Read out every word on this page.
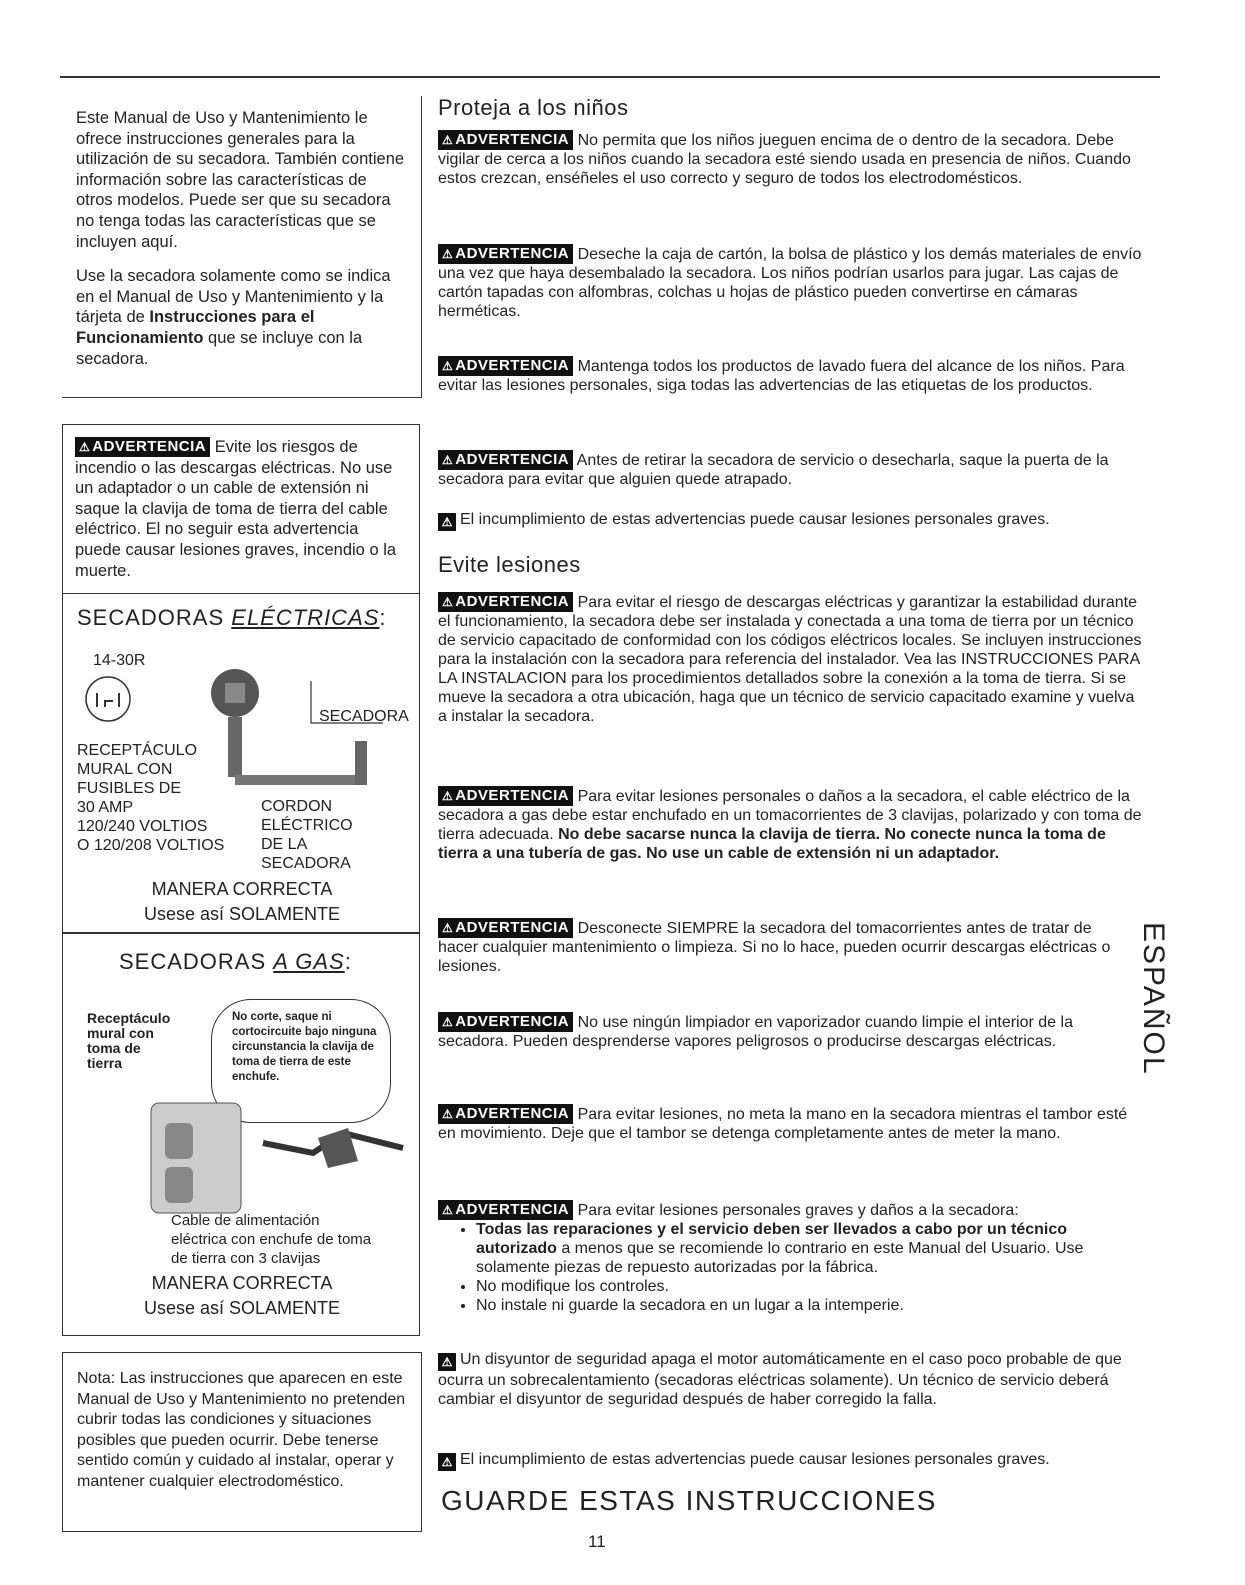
Este Manual de Uso y Mantenimiento le ofrece instrucciones generales para la utilización de su secadora. También contiene información sobre las características de otros modelos. Puede ser que su secadora no tenga todas las características que se incluyen aquí.

Use la secadora solamente como se indica en el Manual de Uso y Mantenimiento y la tárjeta de Instrucciones para el Funcionamiento que se incluye con la secadora.

⚠ ADVERTENCIA Evite los riesgos de incendio o las descargas eléctricas. No use un adaptador o un cable de extensión ni saque la clavija de toma de tierra del cable eléctrico. El no seguir esta advertencia puede causar lesiones graves, incendio o la muerte.

SECADORAS ELÉCTRICAS:
14-30R
SECADORA
RECEPTÁCULO
MURAL CON
FUSIBLES DE
30 AMP
120/240 VOLTIOS
O 120/208 VOLTIOS
CORDON
ELÉCTRICO
DE LA
SECADORA
MANERA CORRECTA
Usese así SOLAMENTE
SECADORAS A GAS:
Receptáculo
mural con
toma de
tierra
No corte, saque ni cortocircuite bajo ninguna circunstancia la clavija de toma de tierra de este enchufe.
Cable de alimentación
eléctrica con enchufe de toma
de tierra con 3 clavijas
MANERA CORRECTA
Usese así SOLAMENTE

Nota: Las instrucciones que aparecen en este Manual de Uso y Mantenimiento no pretenden cubrir todas las condiciones y situaciones posibles que pueden ocurrir. Debe tenerse sentido común y cuidado al instalar, operar y mantener cualquier electrodoméstico.

Proteja a los niños

⚠ ADVERTENCIA No permita que los niños jueguen encima de o dentro de la secadora. Debe vigilar de cerca a los niños cuando la secadora esté siendo usada en presencia de niños. Cuando estos crezcan, enséñeles el uso correcto y seguro de todos los electrodomésticos.

⚠ ADVERTENCIA Deseche la caja de cartón, la bolsa de plástico y los demás materiales de envío una vez que haya desembalado la secadora. Los niños podrían usarlos para jugar. Las cajas de cartón tapadas con alfombras, colchas u hojas de plástico pueden convertirse en cámaras herméticas.

⚠ ADVERTENCIA Mantenga todos los productos de lavado fuera del alcance de los niños. Para evitar las lesiones personales, siga todas las advertencias de las etiquetas de los productos.

⚠ ADVERTENCIA Antes de retirar la secadora de servicio o desecharla, saque la puerta de la secadora para evitar que alguien quede atrapado.

⚠ El incumplimiento de estas advertencias puede causar lesiones personales graves.

Evite lesiones

⚠ ADVERTENCIA Para evitar el riesgo de descargas eléctricas y garantizar la estabilidad durante el funcionamiento, la secadora debe ser instalada y conectada a una toma de tierra por un técnico de servicio capacitado de conformidad con los códigos eléctricos locales. Se incluyen instrucciones para la instalación con la secadora para referencia del instalador. Vea las INSTRUCCIONES PARA LA INSTALACION para los procedimientos detallados sobre la conexión a la toma de tierra. Si se mueve la secadora a otra ubicación, haga que un técnico de servicio capacitado examine y vuelva a instalar la secadora.

⚠ ADVERTENCIA Para evitar lesiones personales o daños a la secadora, el cable eléctrico de la secadora a gas debe estar enchufado en un tomacorrientes de 3 clavijas, polarizado y con toma de tierra adecuada. No debe sacarse nunca la clavija de tierra. No conecte nunca la toma de tierra a una tubería de gas. No use un cable de extensión ni un adaptador.

⚠ ADVERTENCIA Desconecte SIEMPRE la secadora del tomacorrientes antes de tratar de hacer cualquier mantenimiento o limpieza. Si no lo hace, pueden ocurrir descargas eléctricas o lesiones.

⚠ ADVERTENCIA No use ningún limpiador en vaporizador cuando limpie el interior de la secadora. Pueden desprenderse vapores peligrosos o producirse descargas eléctricas.

⚠ ADVERTENCIA Para evitar lesiones, no meta la mano en la secadora mientras el tambor esté en movimiento. Deje que el tambor se detenga completamente antes de meter la mano.

⚠ ADVERTENCIA Para evitar lesiones personales graves y daños a la secadora:

• Todas las reparaciones y el servicio deben ser llevados a cabo por un técnico autorizado a menos que se recomiende lo contrario en este Manual del Usuario. Use solamente piezas de repuesto autorizadas por la fábrica.
• No modifique los controles.
• No instale ni guarde la secadora en un lugar a la intemperie.

⚠ Un disyuntor de seguridad apaga el motor automáticamente en el caso poco probable de que ocurra un sobrecalentamiento (secadoras eléctricas solamente). Un técnico de servicio deberá cambiar el disyuntor de seguridad después de haber corregido la falla.

⚠ El incumplimiento de estas advertencias puede causar lesiones personales graves.

GUARDE ESTAS INSTRUCCIONES
ESPAÑOL
11
